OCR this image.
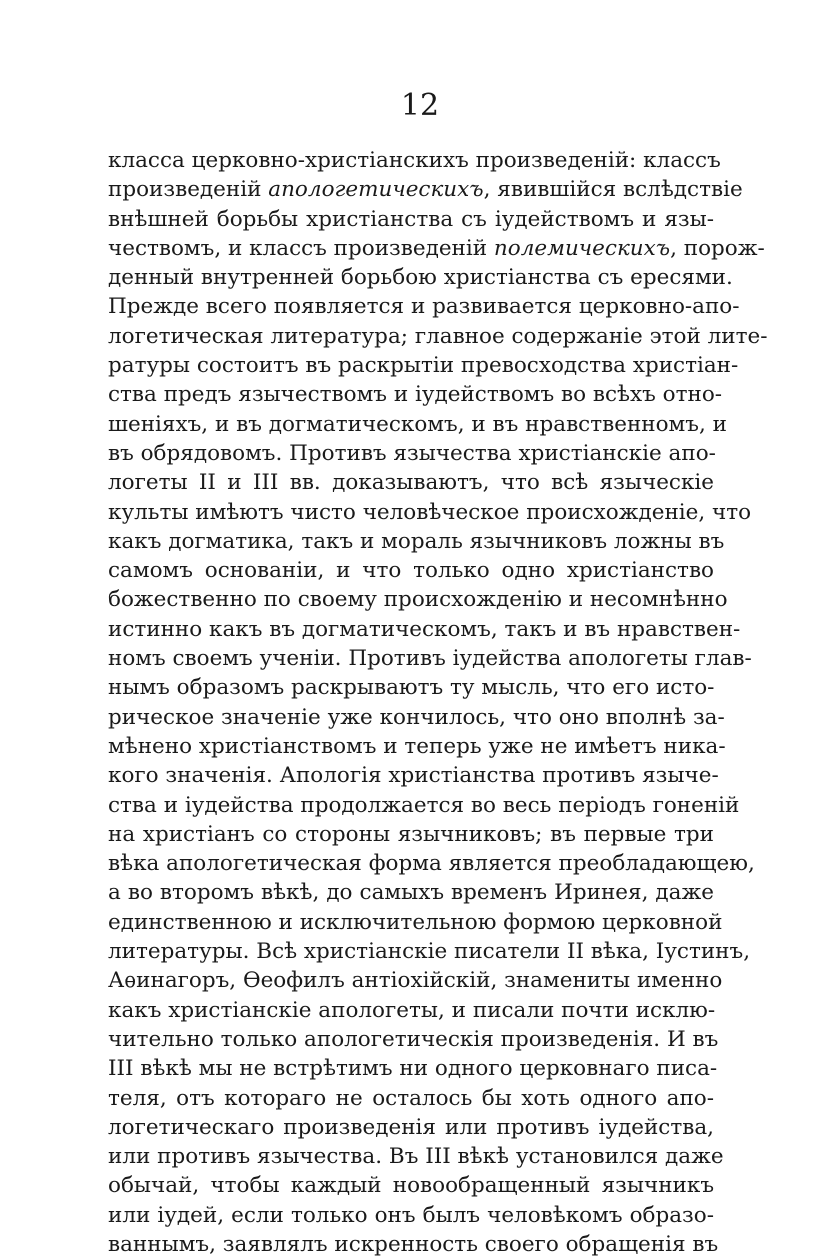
12
класса церковно-христiанскихъ произведенiй: классъ
произведенiй апологетическихъ, явившiйся вслѣдствiе
внѣшней борьбы христiанства съ iудействомъ и язы-
чествомъ, и классъ произведенiй полемическихъ, порож-
денный внутренней борьбою христiанства съ ересями.
Прежде всего появляется и развивается церковно-апо-
логетическая литература; главное содержанiе этой лите-
ратуры состоитъ въ раскрытiи превосходства христiан-
ства предъ язычествомъ и iудействомъ во всѣхъ отно-
шенiяхъ, и въ догматическомъ, и въ нравственномъ, и
въ обрядовомъ. Противъ язычества христiанскiе апо-
логеты II и III вв. доказываютъ, что всѣ языческiе
культы имѣютъ чисто человѣческое происхожденiе, что
какъ догматика, такъ и мораль язычниковъ ложны въ
самомъ основанiи, и что только одно христiанство
божественно по своему происхожденiю и несомнѣнно
истинно какъ въ догматическомъ, такъ и въ нравствен-
номъ своемъ ученiи. Противъ iудейства апологеты глав-
нымъ образомъ раскрываютъ ту мысль, что его исто-
рическое значенiе уже кончилось, что оно вполнѣ за-
мѣнено христiанствомъ и теперь уже не имѣетъ ника-
кого значенiя. Апологiя христiанства противъ языче-
ства и iудейства продолжается во весь перiодъ гоненiй
на христiанъ со стороны язычниковъ; въ первые три
вѣка апологетическая форма является преобладающею,
а во второмъ вѣкѣ, до самыхъ временъ Иринея, даже
единственною и исключительною формою церковной
литературы. Всѣ христiанскiе писатели II вѣка, Iустинъ,
Аѳинагоръ, Ѳеофилъ антiохiйскiй, знамениты именно
какъ христiанскiе апологеты, и писали почти исклю-
чительно только апологетическiя произведенiя. И въ
III вѣкѣ мы не встрѣтимъ ни одного церковнаго писа-
теля, отъ котораго не осталось бы хоть одного апо-
логетическаго произведенiя или противъ iудейства,
или противъ язычества. Въ III вѣкѣ установился даже
обычай, чтобы каждый новообращенный язычникъ
или iудей, если только онъ былъ человѣкомъ образо-
ваннымъ, заявлялъ искренность своего обращенiя въ
